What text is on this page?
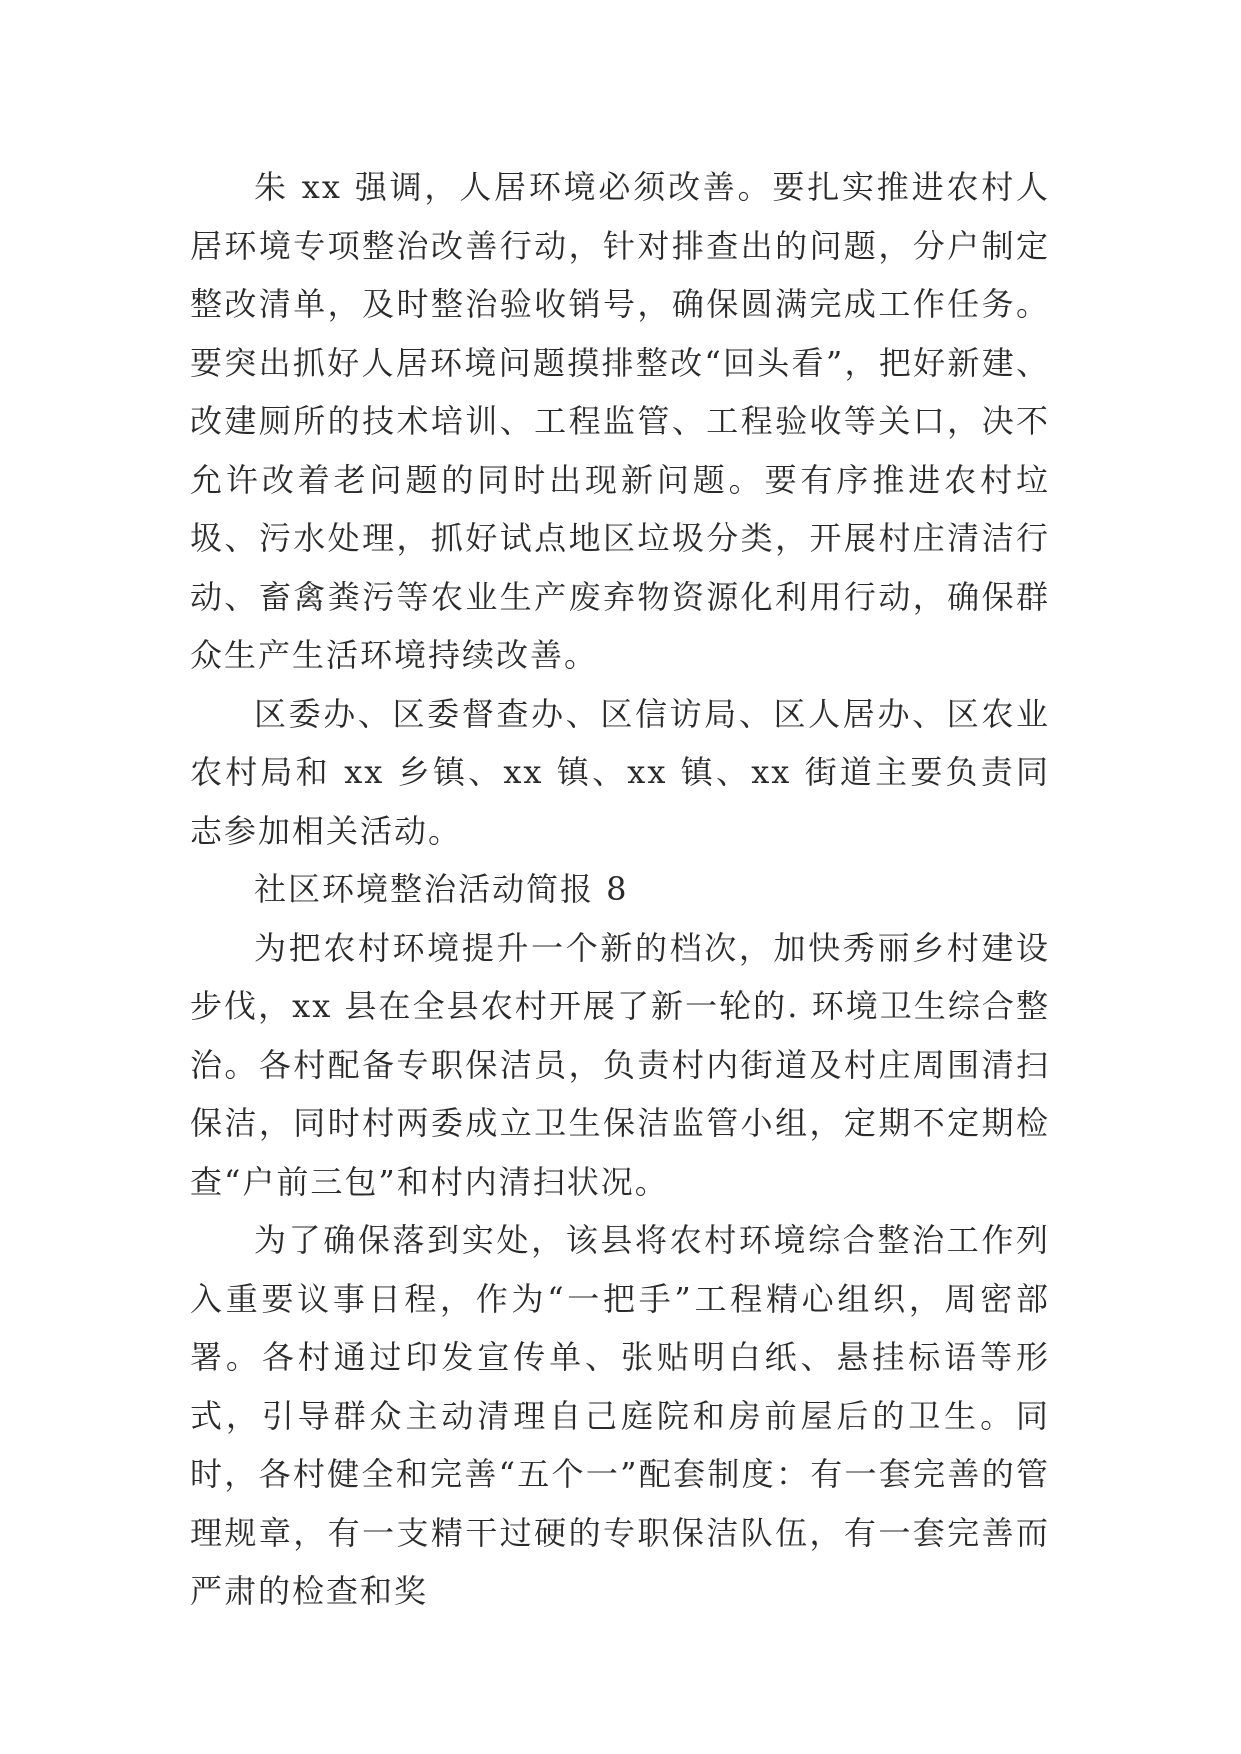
朱 xx 强调，人居环境必须改善。要扎实推进农村人居环境专项整治改善行动，针对排查出的问题，分户制定整改清单，及时整治验收销号，确保圆满完成工作任务。要突出抓好人居环境问题摸排整改“回头看”，把好新建、改建厕所的技术培训、工程监管、工程验收等关口，决不允许改着老问题的同时出现新问题。要有序推进农村垃圾、污水处理，抓好试点地区垃圾分类，开展村庄清洁行动、畜禽粪污等农业生产废弃物资源化利用行动，确保群众生产生活环境持续改善。

区委办、区委督查办、区信访局、区人居办、区农业农村局和 xx 乡镇、xx 镇、xx 镇、xx 街道主要负责同志参加相关活动。

社区环境整治活动简报 8

为把农村环境提升一个新的档次，加快秀丽乡村建设步伐，xx 县在全县农村开展了新一轮的. 环境卫生综合整治。各村配备专职保洁员，负责村内街道及村庄周围清扫保洁，同时村两委成立卫生保洁监管小组，定期不定期检查“户前三包”和村内清扫状况。

为了确保落到实处，该县将农村环境综合整治工作列入重要议事日程，作为“一把手”工程精心组织，周密部署。各村通过印发宣传单、张贴明白纸、悬挂标语等形式，引导群众主动清理自己庭院和房前屋后的卫生。同时，各村健全和完善“五个一”配套制度：有一套完善的管理规章，有一支精干过硬的专职保洁队伍，有一套完善而严肃的检查和奖
